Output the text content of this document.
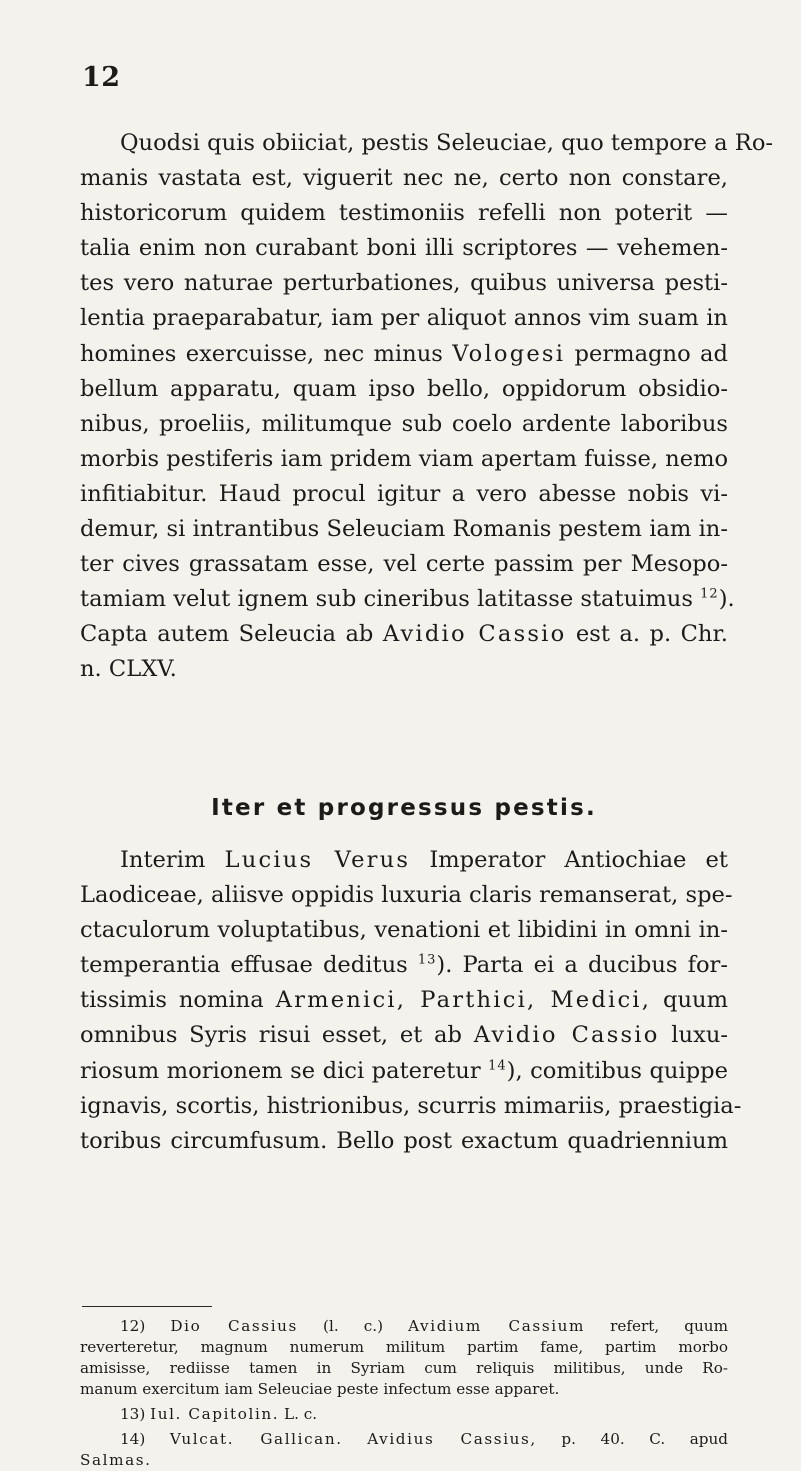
12
Quodsi quis obiiciat, pestis Seleuciae, quo tempore a Ro-
manis vastata est, viguerit nec ne, certo non constare,
historicorum quidem testimoniis refelli non poterit —
talia enim non curabant boni illi scriptores — vehemen-
tes vero naturae perturbationes, quibus universa pesti-
lentia praeparabatur, iam per aliquot annos vim suam in
homines exercuisse, nec minus Vologesi permagno ad
bellum apparatu, quam ipso bello, oppidorum obsidio-
nibus, proeliis, militumque sub coelo ardente laboribus
morbis pestiferis iam pridem viam apertam fuisse, nemo
infitiabitur. Haud procul igitur a vero abesse nobis vi-
demur, si intrantibus Seleuciam Romanis pestem iam in-
ter cives grassatam esse, vel certe passim per Mesopo-
tamiam velut ignem sub cineribus latitasse statuimus $^{12}$).
Capta autem Seleucia ab Avidio Cassio est a. p. Chr.
n. CLXV.
Iter et progressus pestis.
Interim Lucius Verus Imperator Antiochiae et
Laodiceae, aliisve oppidis luxuria claris remanserat, spe-
ctaculorum voluptatibus, venationi et libidini in omni in-
temperantia effusae deditus $^{13}$). Parta ei a ducibus for-
tissimis nomina Armenici, Parthici, Medici, quum
omnibus Syris risui esset, et ab Avidio Cassio luxu-
riosum morionem se dici pateretur $^{14}$), comitibus quippe
ignavis, scortis, histrionibus, scurris mimariis, praestigia-
toribus circumfusum. Bello post exactum quadriennium
12) Dio Cassius (l. c.) Avidium Cassium refert, quum
reverteretur, magnum numerum militum partim fame, partim morbo
amisisse, rediisse tamen in Syriam cum reliquis militibus, unde Ro-
manum exercitum iam Seleuciae peste infectum esse apparet.
13) Iul. Capitolin. L. c.
14) Vulcat. Gallican. Avidius Cassius, p. 40. C. apud
Salmas.
